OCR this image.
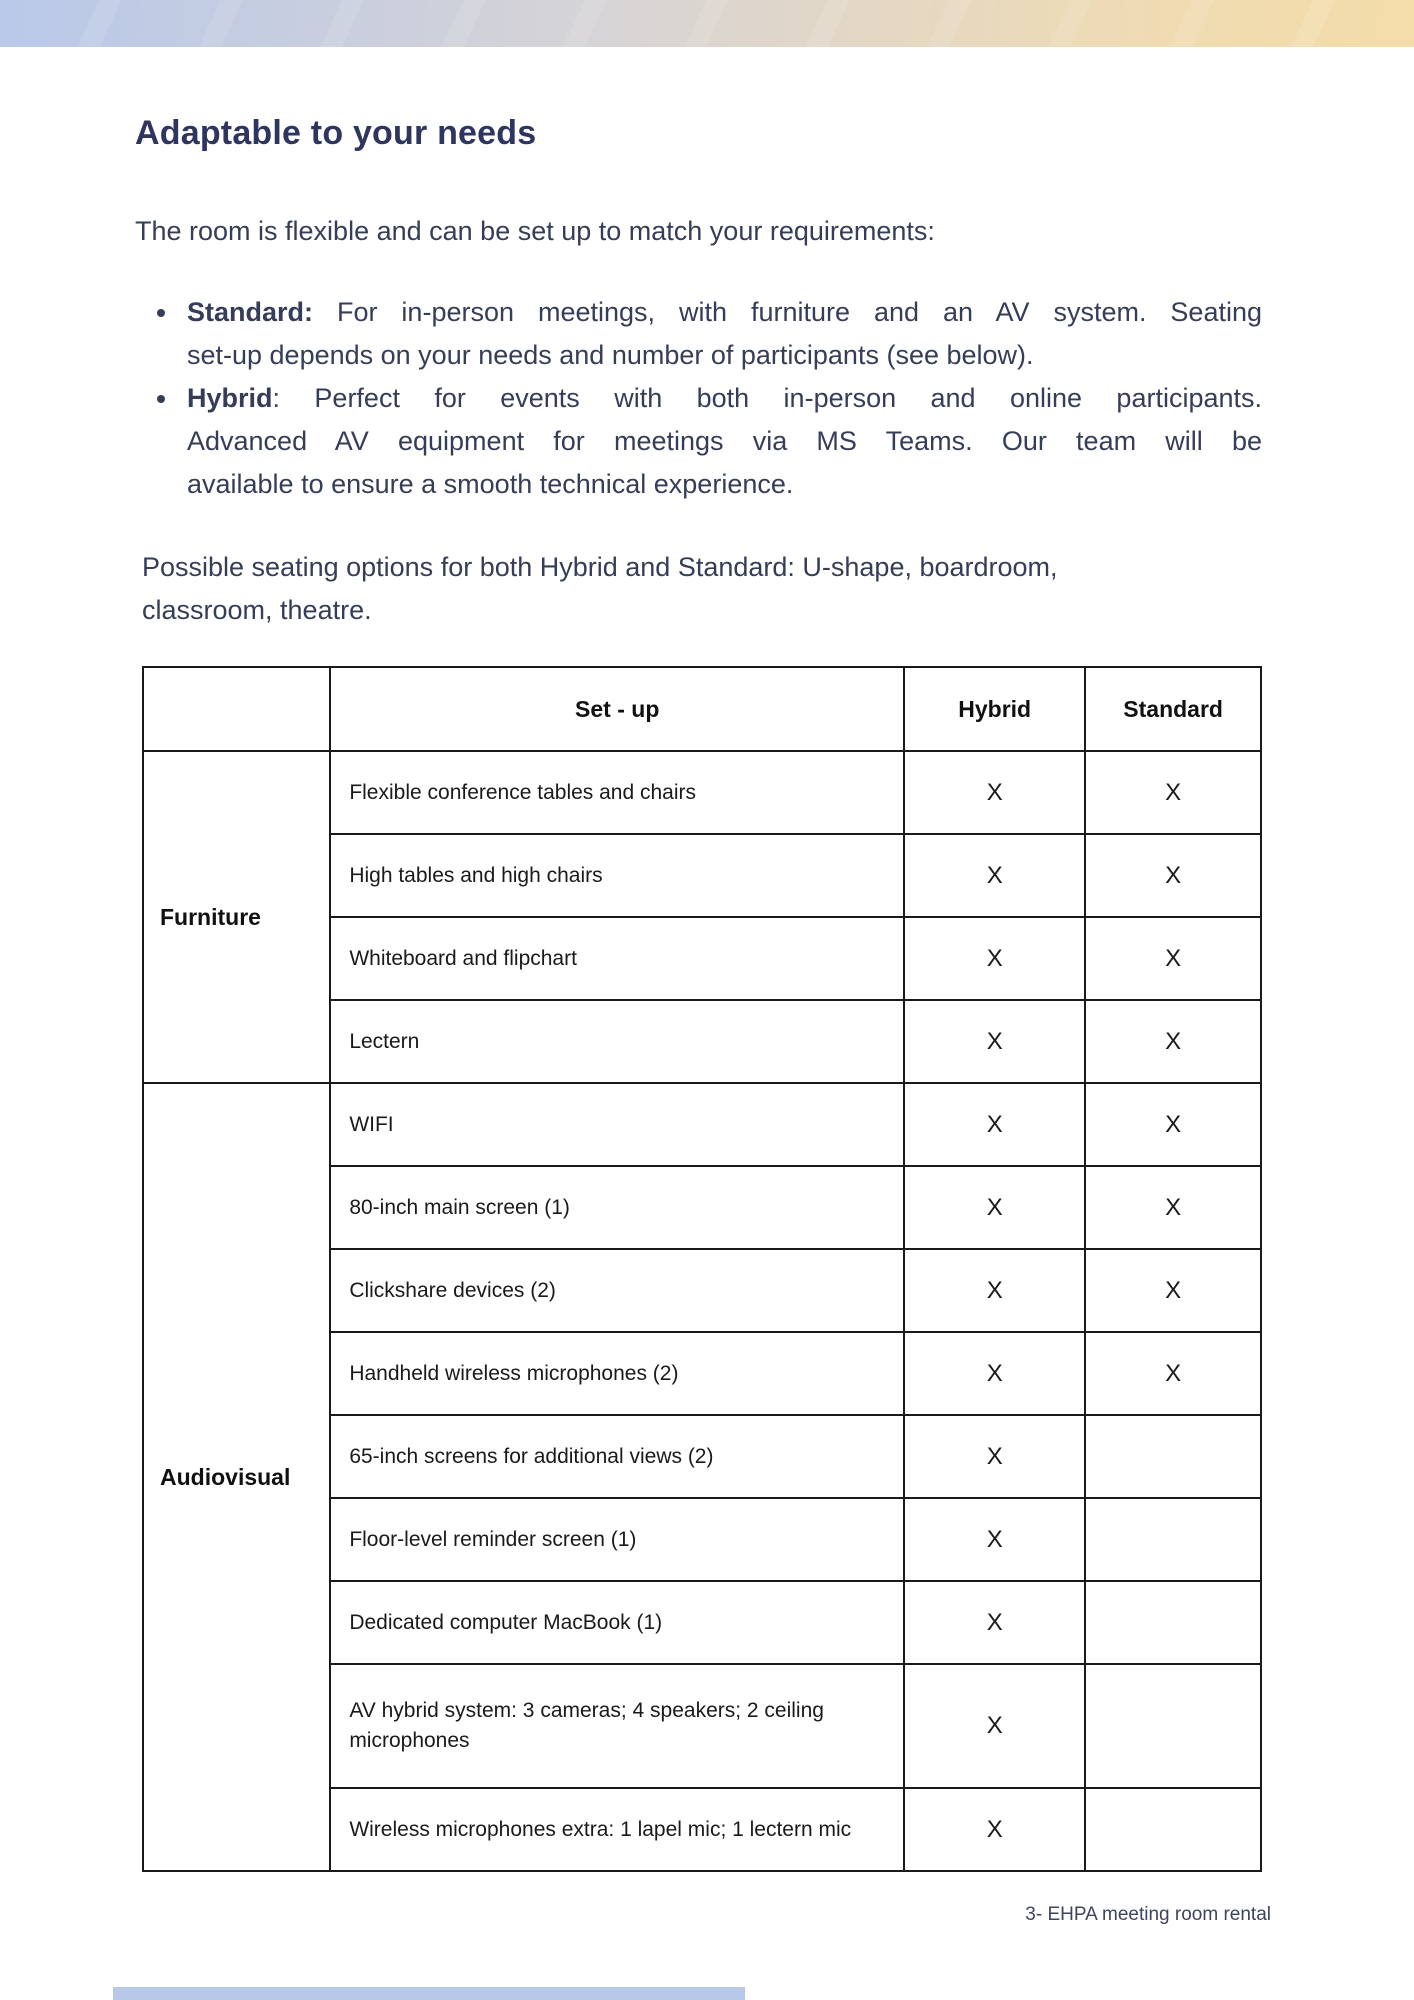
Adaptable to your needs
The room is flexible and can be set up to match your requirements:
Standard: For in-person meetings, with furniture and an AV system. Seating
set-up depends on your needs and number of participants (see below).
Hybrid: Perfect for events with both in-person and online participants.
Advanced AV equipment for meetings via MS Teams. Our team will be
available to ensure a smooth technical experience.
Possible seating options for both Hybrid and Standard: U-shape, boardroom,
classroom, theatre.
	Set - up	Hybrid	Standard
Furniture	Flexible conference tables and chairs	X	X
	High tables and high chairs	X	X
	Whiteboard and flipchart	X	X
	Lectern	X	X
Audiovisual	WIFI	X	X
	80-inch main screen (1)	X	X
	Clickshare devices (2)	X	X
	Handheld wireless microphones (2)	X	X
	65-inch screens for additional views (2)	X	
	Floor-level reminder screen (1)	X	
	Dedicated computer MacBook (1)	X	
	AV hybrid system: 3 cameras; 4 speakers; 2 ceiling microphones	X	
	Wireless microphones extra: 1 lapel mic; 1 lectern mic	X	
3- EHPA meeting room rental
